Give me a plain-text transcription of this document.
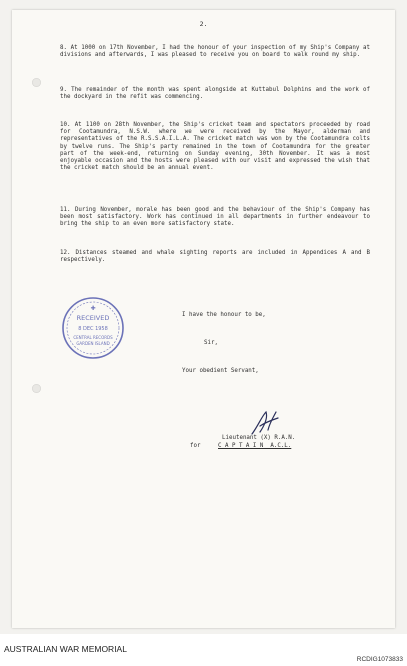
2.
8. At 1000 on 17th November, I had the honour of your inspection of my Ship's Company at divisions and afterwards, I was pleased to receive you on board to walk round my ship.
9. The remainder of the month was spent alongside at Kuttabul Dolphins and the work of the dockyard in the refit was commencing.
10. At 1100 on 28th November, the Ship's cricket team and spectators proceeded by road for Cootamundra, N.S.W. where we were received by the Mayor, alderman and representatives of the R.S.S.A.I.L.A. The cricket match was won by the Cootamundra colts by twelve runs. The Ship's party remained in the town of Cootamundra for the greater part of the week-end, returning on Sunday evening, 30th November. It was a most enjoyable occasion and the hosts were pleased with our visit and expressed the wish that the cricket match should be an annual event.
11. During November, morale has been good and the behaviour of the Ship's Company has been most satisfactory. Work has continued in all departments in further endeavour to bring the ship to an even more satisfactory state.
12. Distances steamed and whale sighting reports are included in Appendices A and B respectively.
✚
RECEIVED
8 DEC 1958
CENTRAL RECORDS
GARDEN ISLAND
I have the honour to be,
Sir,
Your obedient Servant,
Lieutenant (X) R.A.N.
for	C A P T A I N  A.C.L.
AUSTRALIAN WAR MEMORIAL
RCDIG1073833
